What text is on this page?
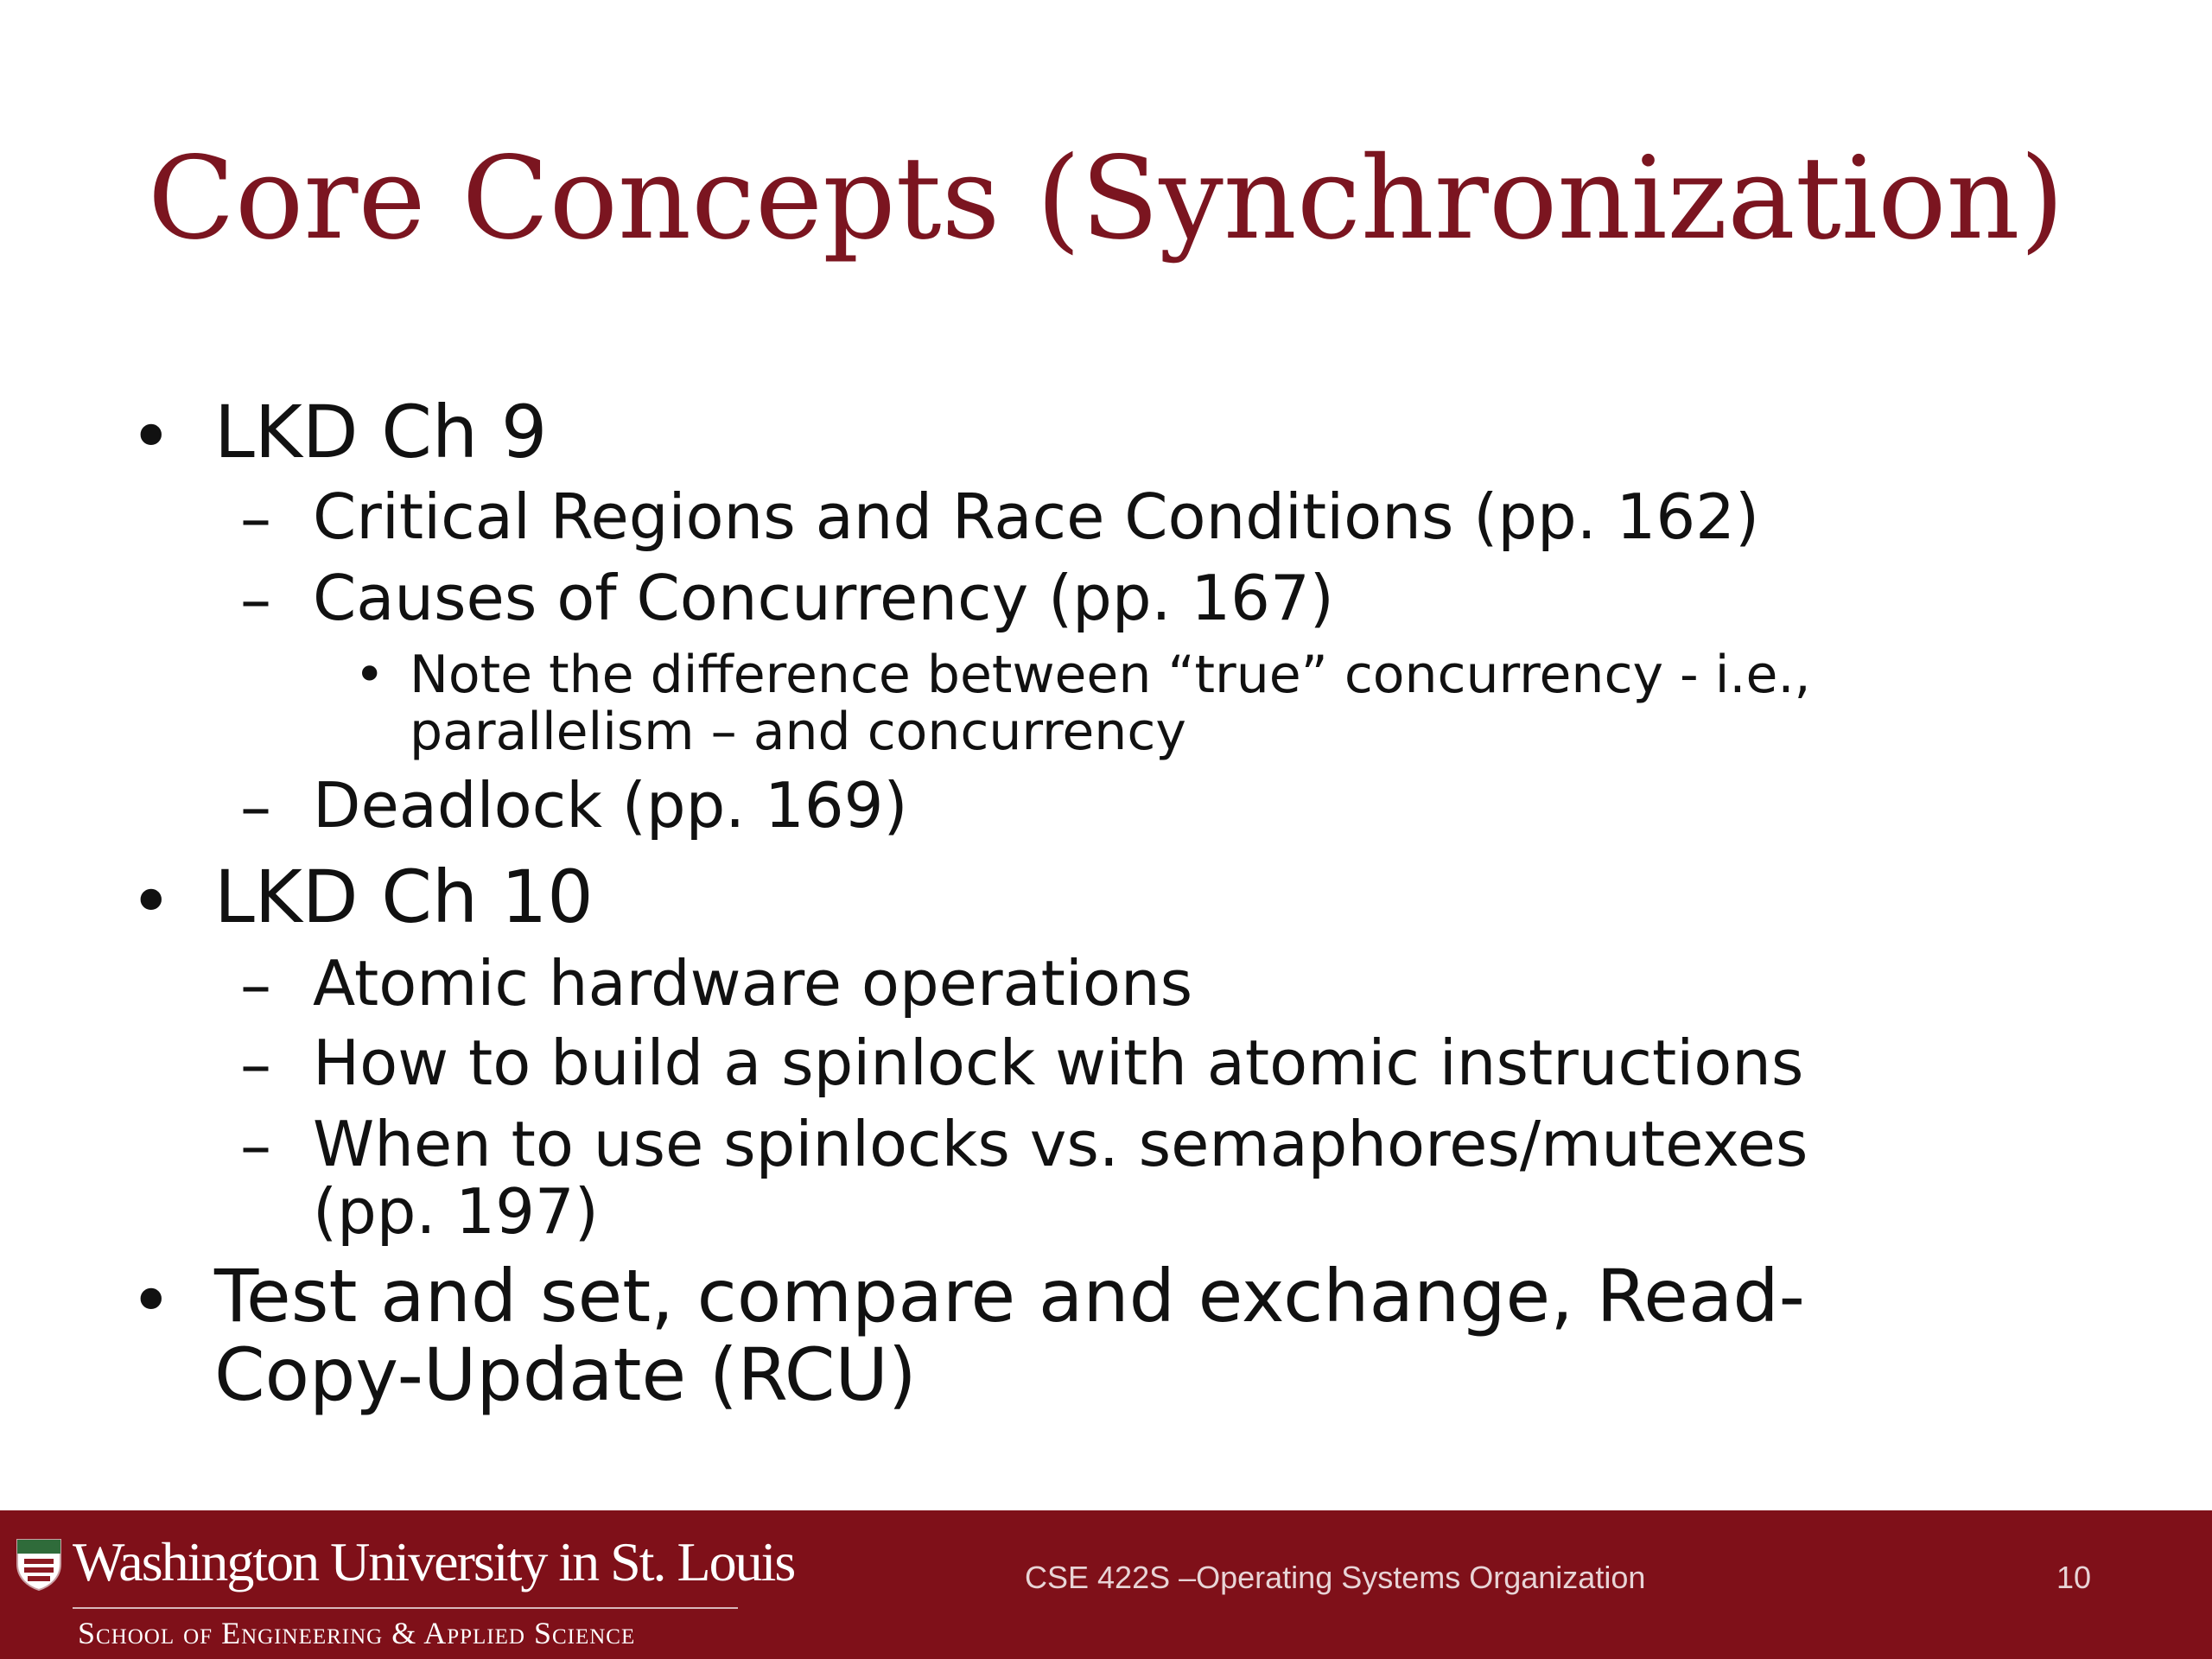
Core Concepts (Synchronization)
• LKD Ch 9
– Critical Regions and Race Conditions (pp. 162)
– Causes of Concurrency (pp. 167)
• Note the difference between “true” concurrency - i.e.,
parallelism – and concurrency
– Deadlock (pp. 169)
• LKD Ch 10
– Atomic hardware operations
– How to build a spinlock with atomic instructions
– When to use spinlocks vs. semaphores/mutexes
(pp. 197)
• Test and set, compare and exchange, Read-
Copy-Update (RCU)
Washington University in St. Louis
School of Engineering & Applied Science
CSE 422S –Operating Systems Organization	10
